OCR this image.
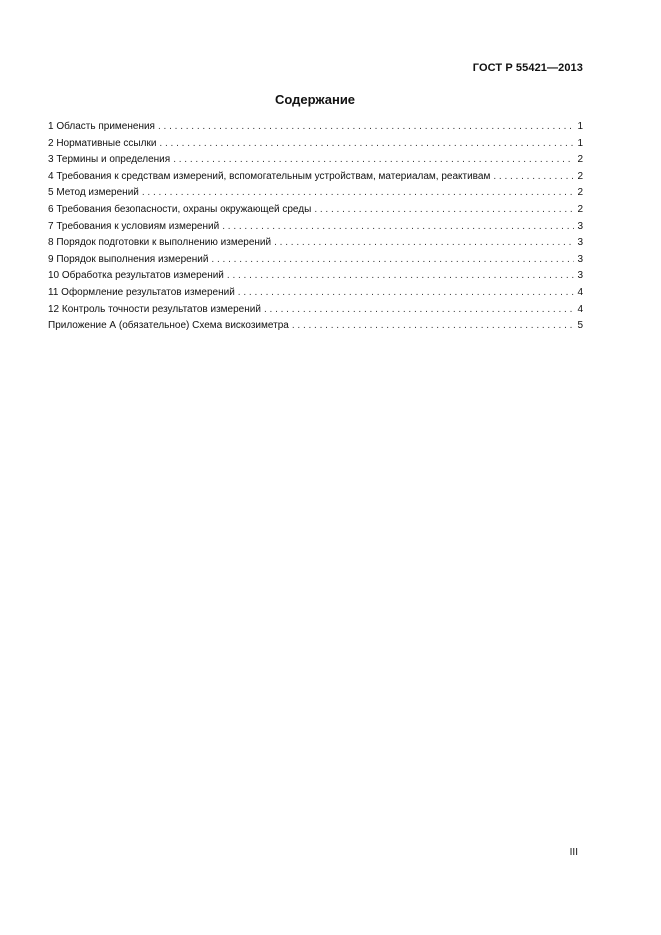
ГОСТ Р 55421—2013
Содержание
1 Область применения . . .	1
2 Нормативные ссылки . . .	1
3 Термины и определения . . .	2
4 Требования к средствам измерений, вспомогательным устройствам, материалам, реактивам . . .	2
5 Метод измерений . . .	2
6 Требования безопасности, охраны окружающей среды . . .	2
7 Требования к условиям измерений . . .	3
8 Порядок подготовки к выполнению измерений . . .	3
9 Порядок выполнения измерений . . .	3
10 Обработка результатов измерений . . .	3
11 Оформление результатов измерений . . .	4
12 Контроль точности результатов измерений . . .	4
Приложение А (обязательное) Схема вискозиметра . . .	5
III
